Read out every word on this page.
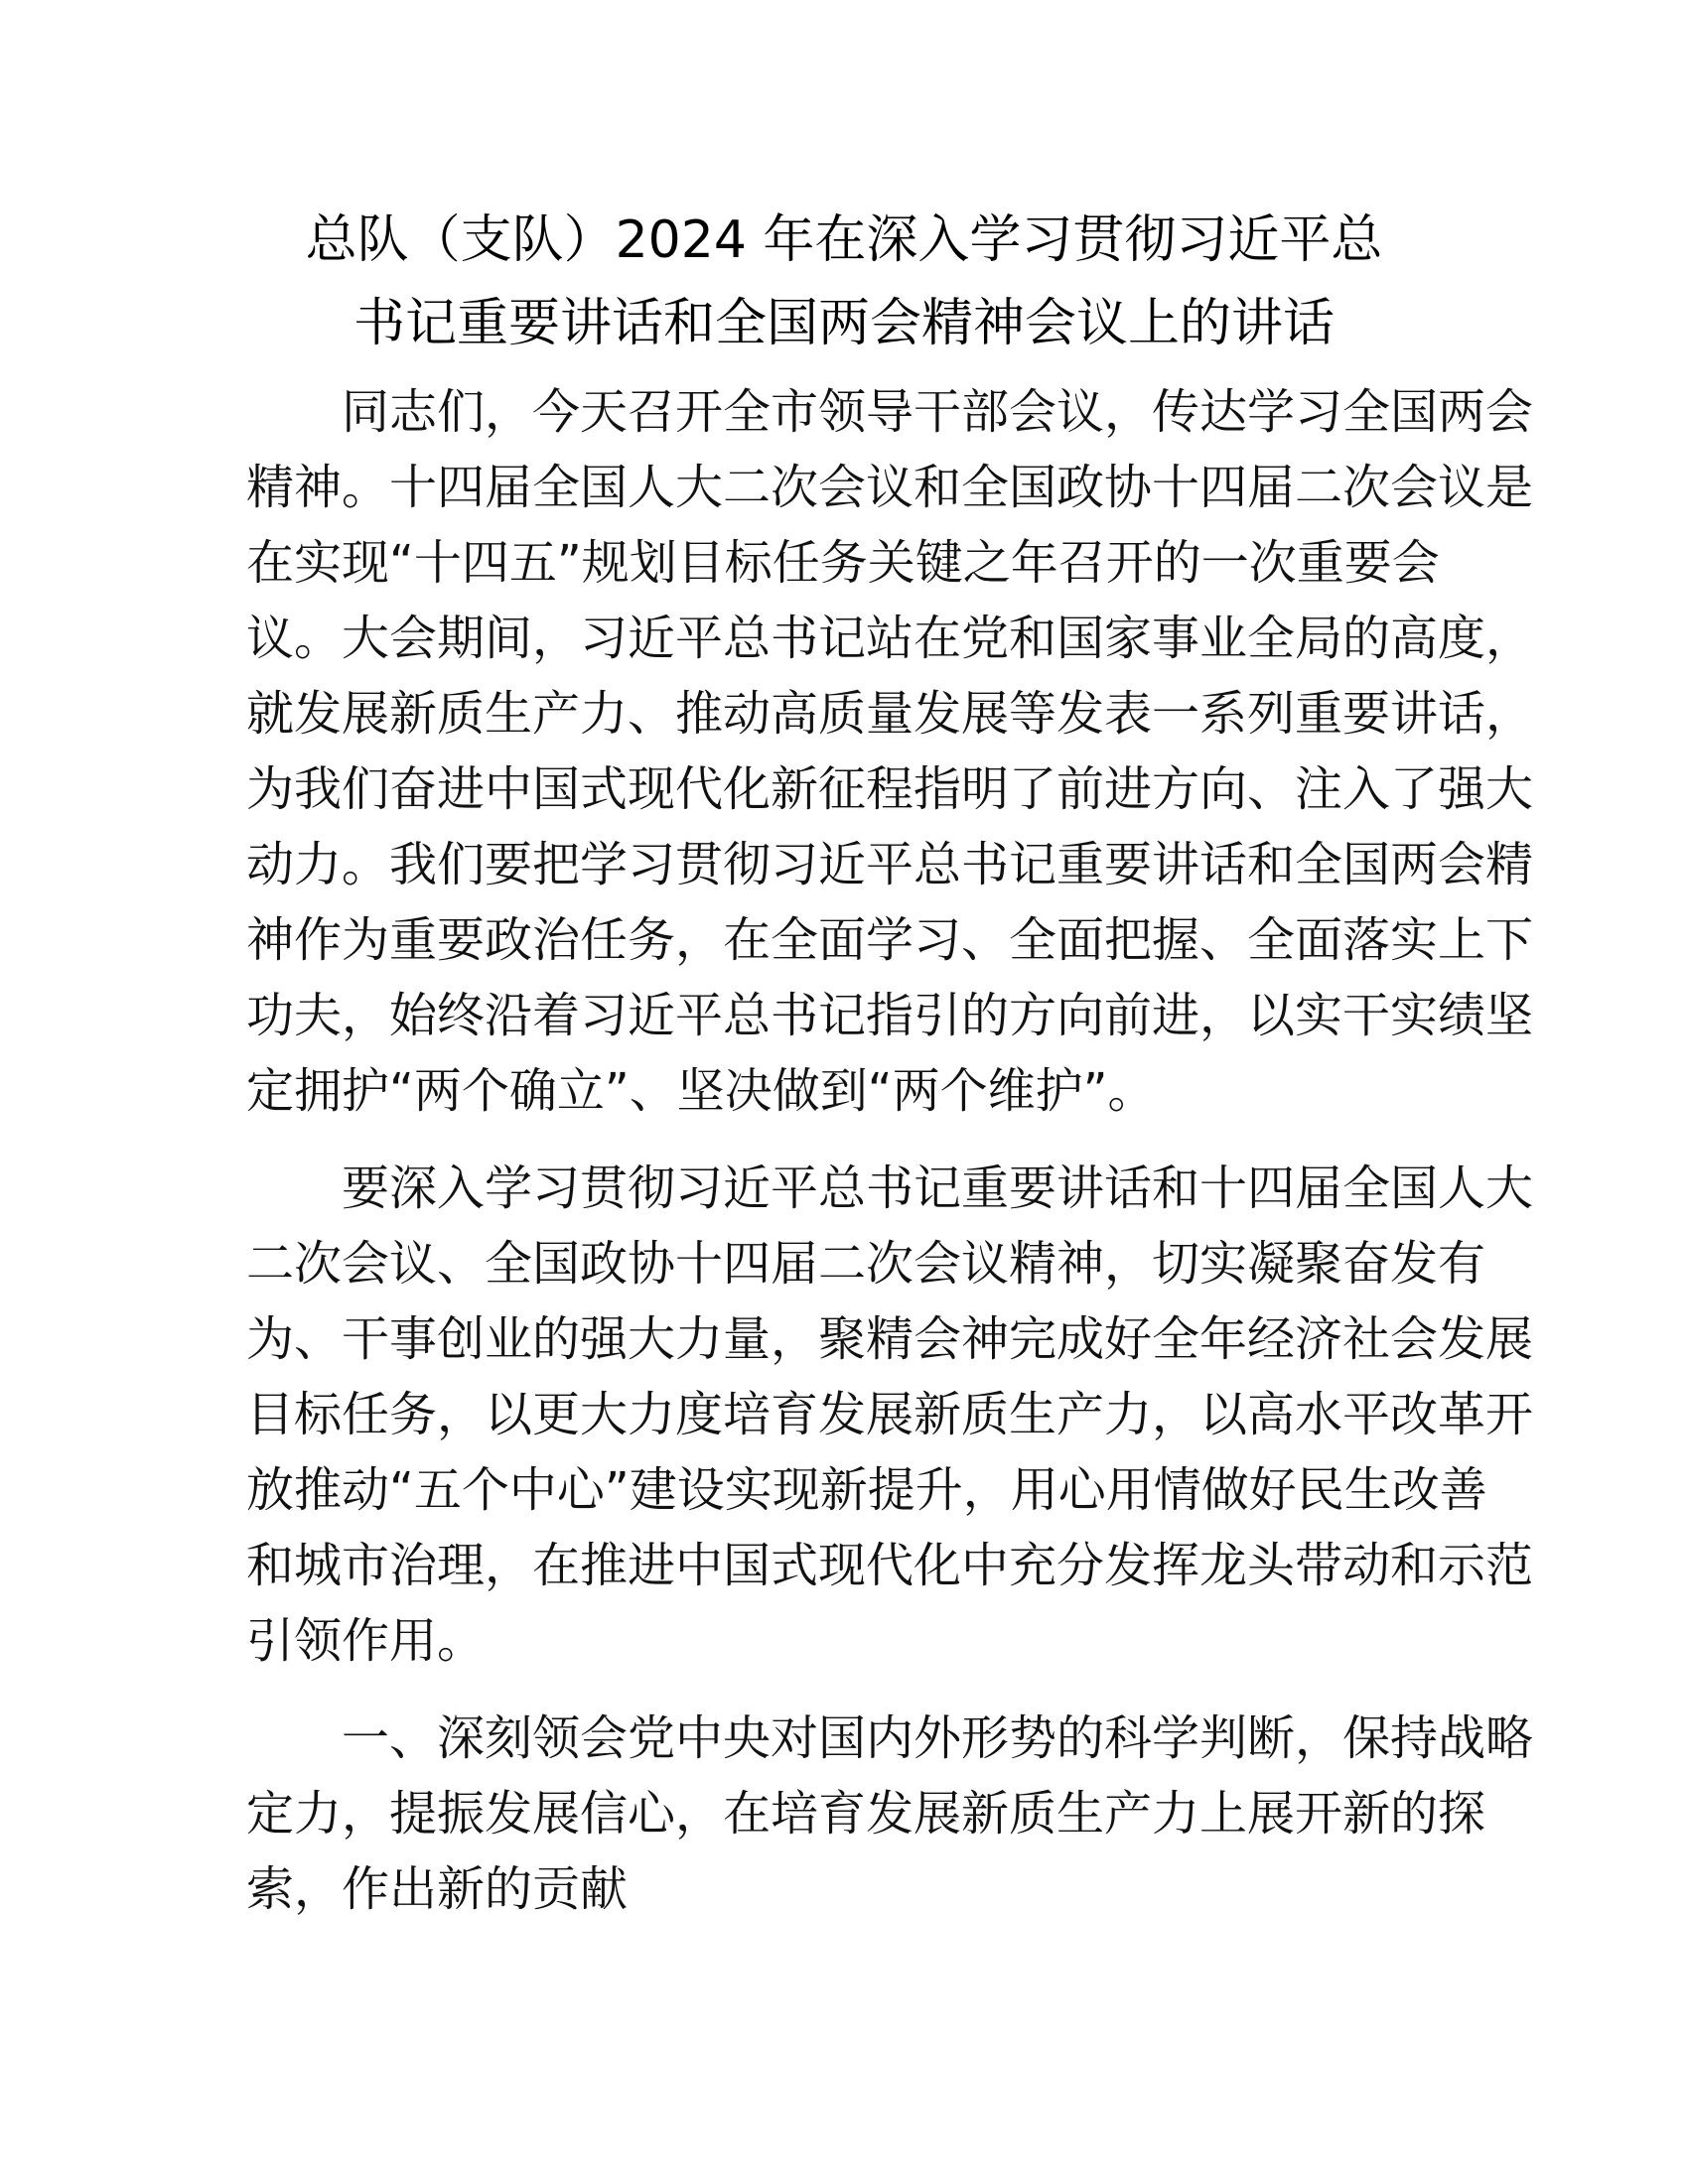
总队（支队）2024 年在深入学习贯彻习近平总
书记重要讲话和全国两会精神会议上的讲话

同志们，今天召开全市领导干部会议，传达学习全国两会
精神。十四届全国人大二次会议和全国政协十四届二次会议是
在实现“十四五”规划目标任务关键之年召开的一次重要会
议。大会期间，习近平总书记站在党和国家事业全局的高度，
就发展新质生产力、推动高质量发展等发表一系列重要讲话，
为我们奋进中国式现代化新征程指明了前进方向、注入了强大
动力。我们要把学习贯彻习近平总书记重要讲话和全国两会精
神作为重要政治任务，在全面学习、全面把握、全面落实上下
功夫，始终沿着习近平总书记指引的方向前进，以实干实绩坚
定拥护“两个确立”、坚决做到“两个维护”。

要深入学习贯彻习近平总书记重要讲话和十四届全国人大
二次会议、全国政协十四届二次会议精神，切实凝聚奋发有
为、干事创业的强大力量，聚精会神完成好全年经济社会发展
目标任务，以更大力度培育发展新质生产力，以高水平改革开
放推动“五个中心”建设实现新提升，用心用情做好民生改善
和城市治理，在推进中国式现代化中充分发挥龙头带动和示范
引领作用。

一、深刻领会党中央对国内外形势的科学判断，保持战略
定力，提振发展信心，在培育发展新质生产力上展开新的探
索，作出新的贡献
